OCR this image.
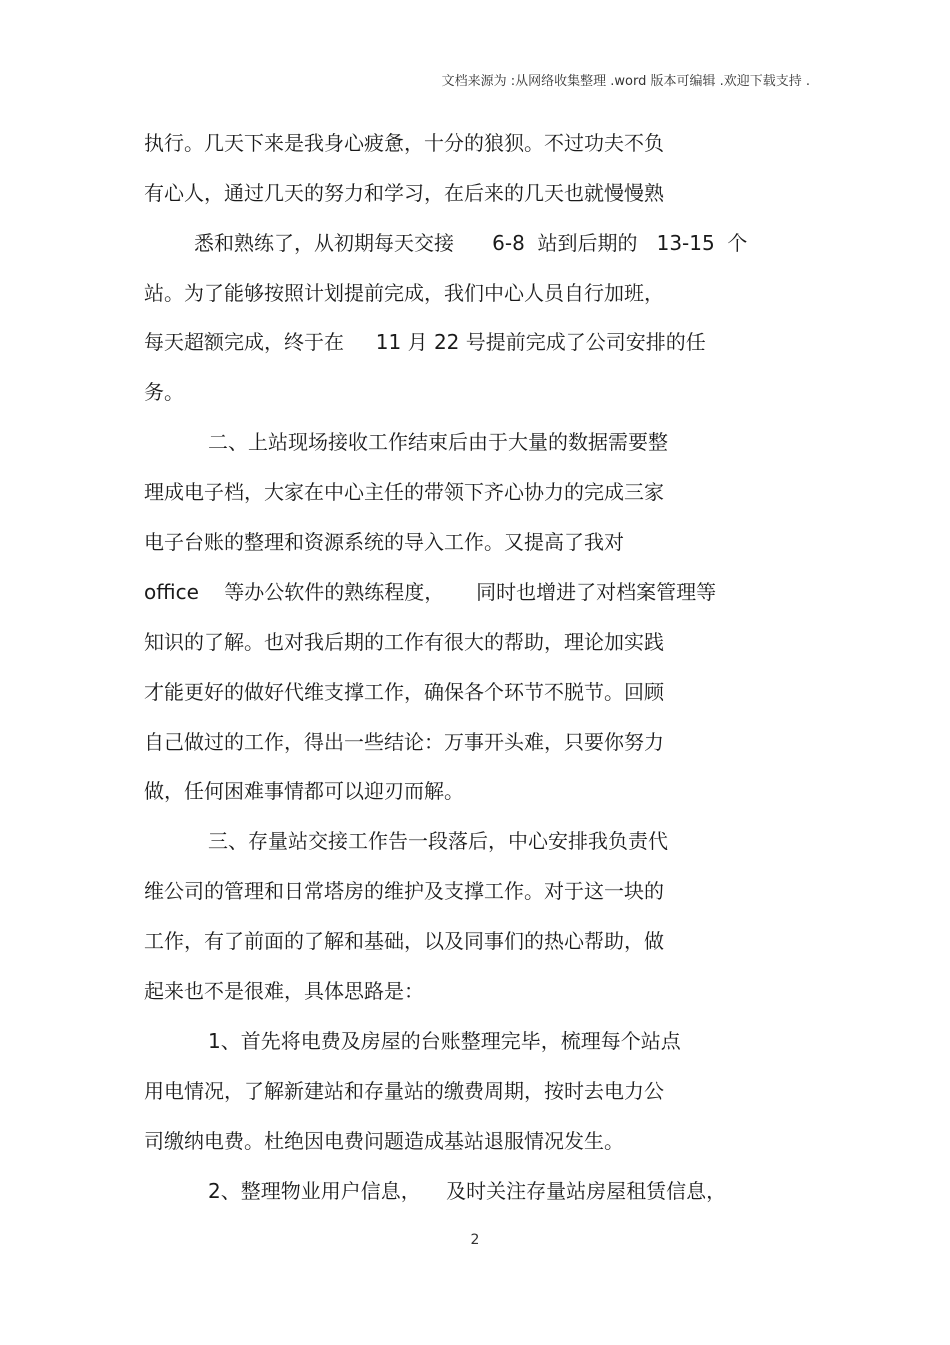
文档来源为 :从网络收集整理 .word 版本可编辑 .欢迎下载支持 .
执行。几天下来是我身心疲惫，十分的狼狈。不过功夫不负
有心人，通过几天的努力和学习，在后来的几天也就慢慢熟
悉和熟练了，从初期每天交接      6-8  站到后期的   13-15  个
站。为了能够按照计划提前完成，我们中心人员自行加班，
每天超额完成，终于在     11 月 22 号提前完成了公司安排的任
务。
二、上站现场接收工作结束后由于大量的数据需要整
理成电子档，大家在中心主任的带领下齐心协力的完成三家
电子台账的整理和资源系统的导入工作。又提高了我对
office    等办公软件的熟练程度，     同时也增进了对档案管理等
知识的了解。也对我后期的工作有很大的帮助，理论加实践
才能更好的做好代维支撑工作，确保各个环节不脱节。回顾
自己做过的工作，得出一些结论：万事开头难，只要你努力
做，任何困难事情都可以迎刃而解。
三、存量站交接工作告一段落后，中心安排我负责代
维公司的管理和日常塔房的维护及支撑工作。对于这一块的
工作，有了前面的了解和基础，以及同事们的热心帮助，做
起来也不是很难，具体思路是：
1、首先将电费及房屋的台账整理完毕，梳理每个站点
用电情况，了解新建站和存量站的缴费周期，按时去电力公
司缴纳电费。杜绝因电费问题造成基站退服情况发生。
2、整理物业用户信息，    及时关注存量站房屋租赁信息，
2
